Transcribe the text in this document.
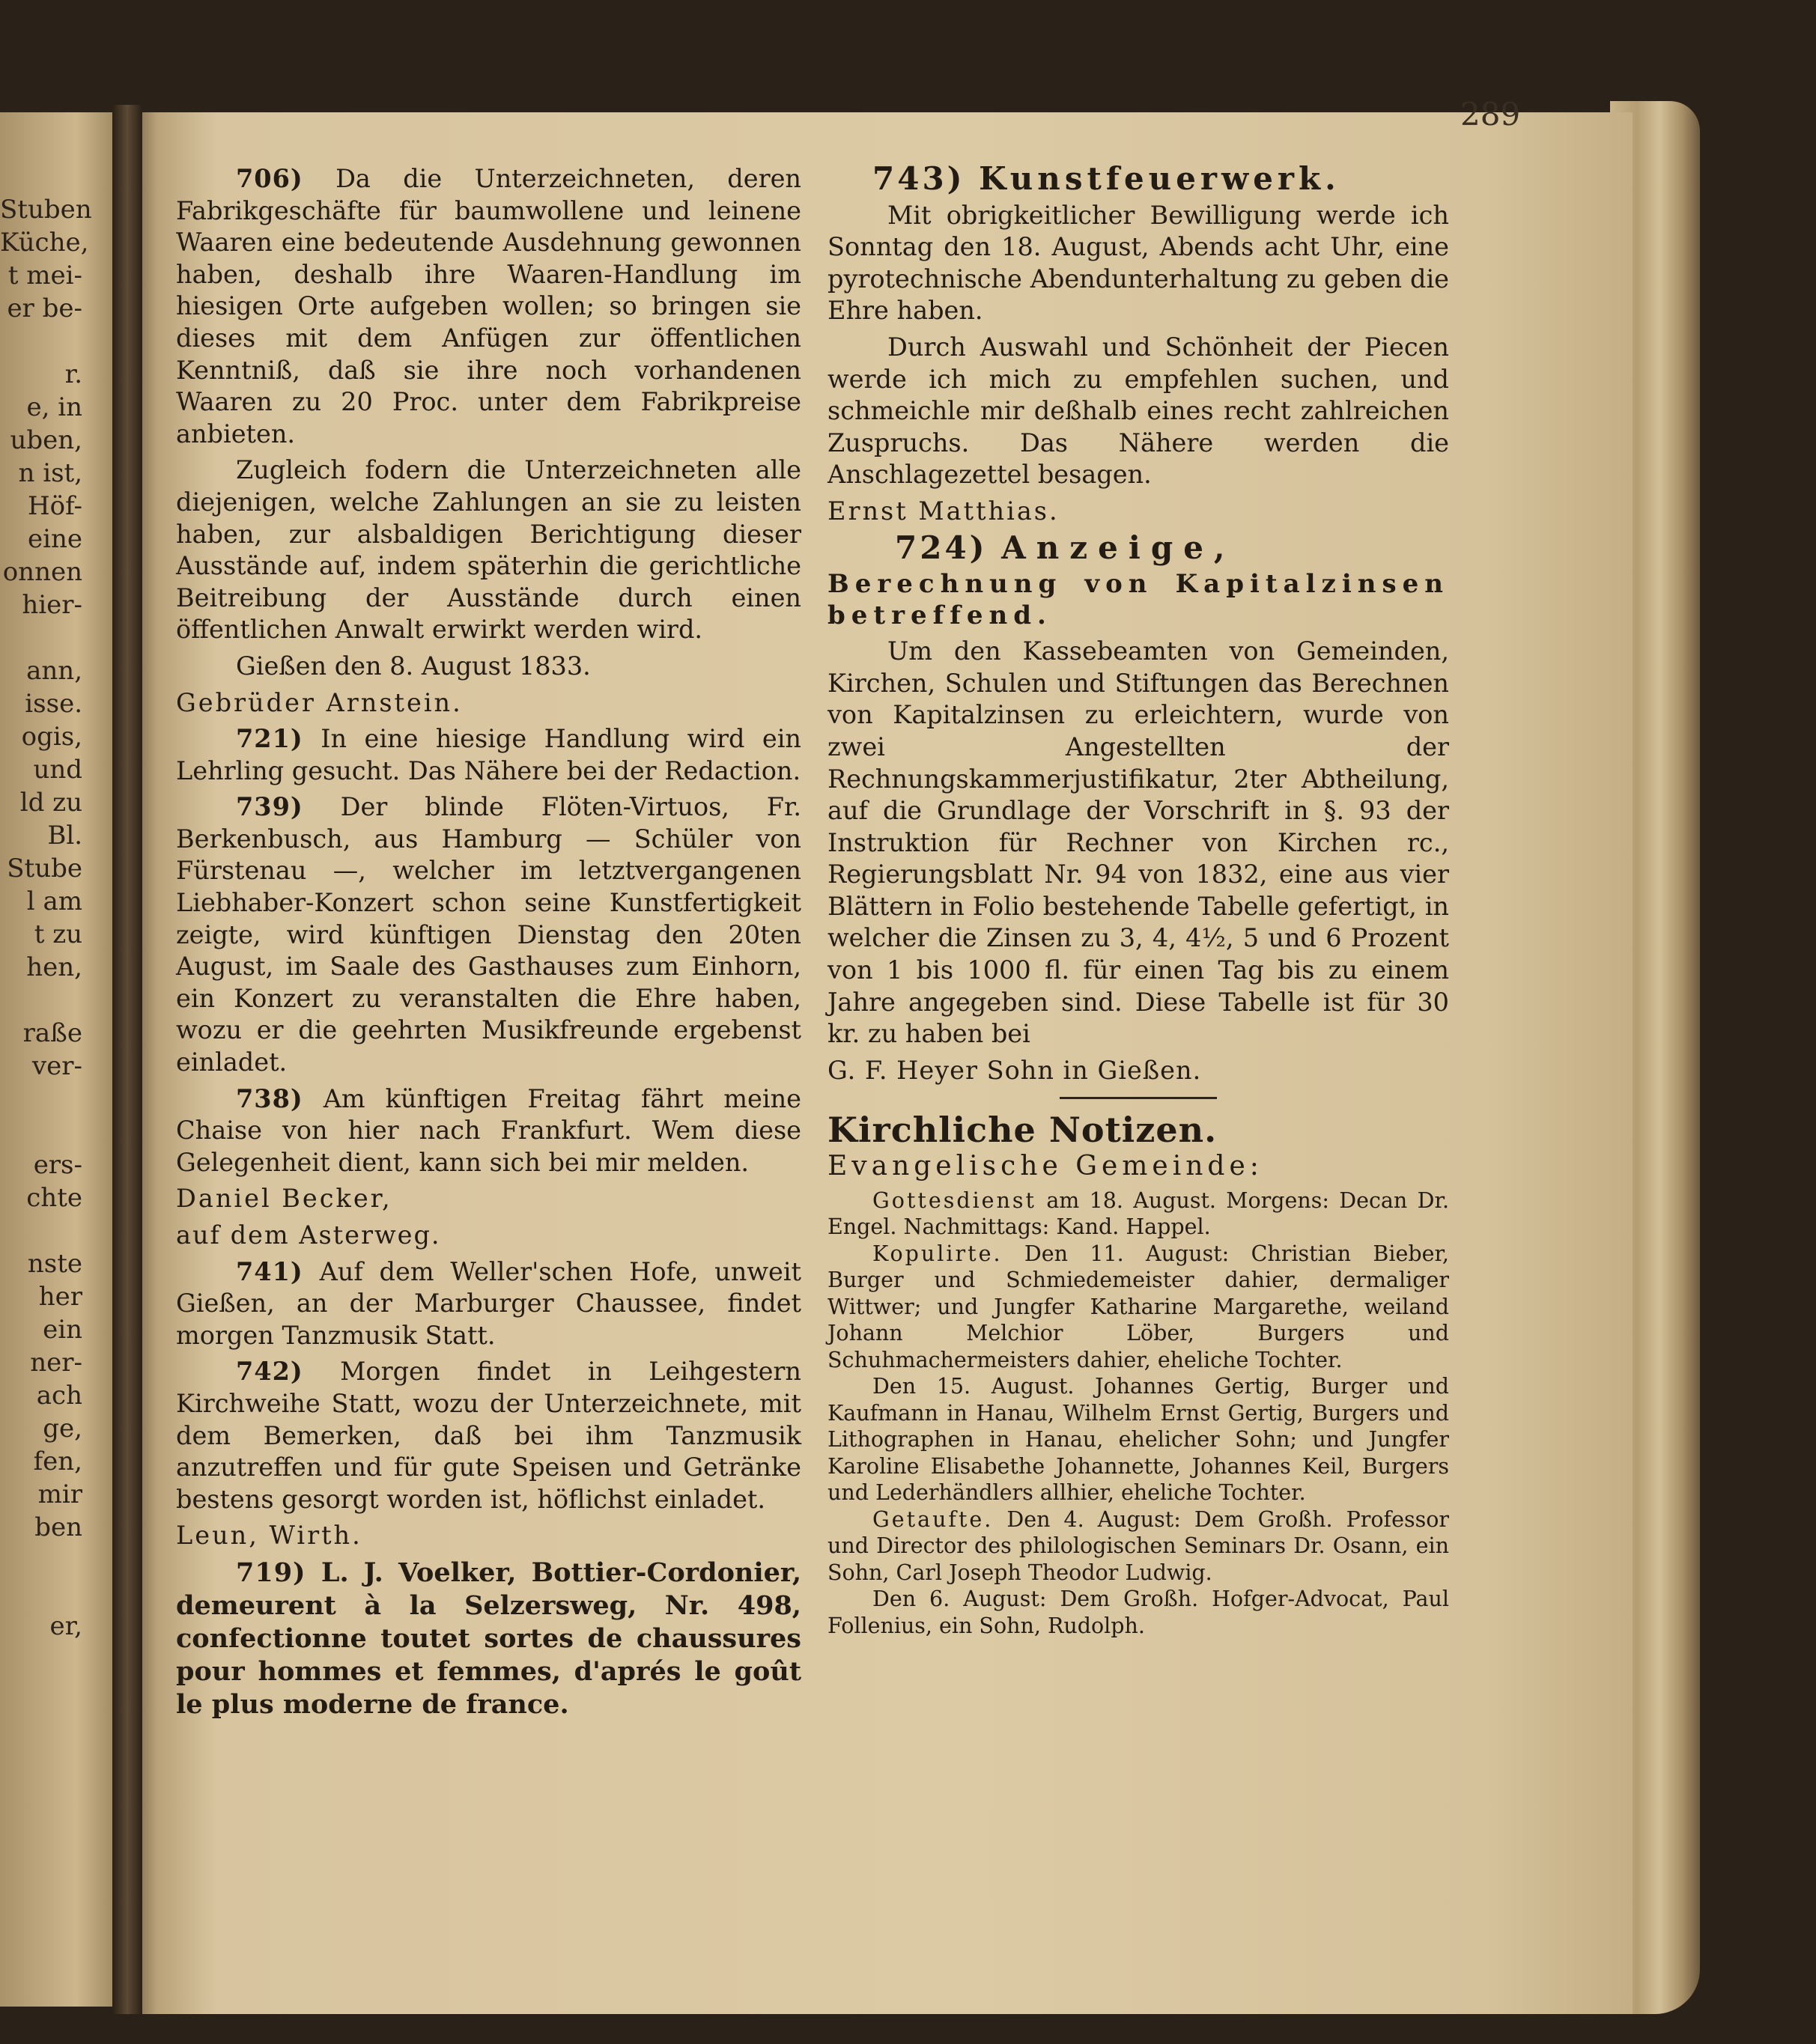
289
Stuben
Küche,
t mei-
er be-
r.
e, in
uben,
n ist,
Höf-
eine
onnen
hier-
ann,
isse.
ogis,
und
ld zu
Bl.
Stube
l am
t zu
hen,
raße
ver-
ers-
chte
nste
her
ein
ner-
ach
ge,
fen,
mir
ben
er,

706) Da die Unterzeichneten, deren Fabrikgeschäfte für baumwollene und leinene Waaren eine bedeutende Ausdehnung gewonnen haben, deshalb ihre Waaren-Handlung im hiesigen Orte aufgeben wollen; so bringen sie dieses mit dem Anfügen zur öffentlichen Kenntniß, daß sie ihre noch vorhandenen Waaren zu 20 Proc. unter dem Fabrikpreise anbieten.

Zugleich fodern die Unterzeichneten alle diejenigen, welche Zahlungen an sie zu leisten haben, zur alsbaldigen Berichtigung dieser Ausstände auf, indem späterhin die gerichtliche Beitreibung der Ausstände durch einen öffentlichen Anwalt erwirkt werden wird.

Gießen den 8. August 1833.

Gebrüder Arnstein.

721) In eine hiesige Handlung wird ein Lehrling gesucht. Das Nähere bei der Redaction.

739) Der blinde Flöten-Virtuos, Fr. Berkenbusch, aus Hamburg — Schüler von Fürstenau —, welcher im letztvergangenen Liebhaber-Konzert schon seine Kunstfertigkeit zeigte, wird künftigen Dienstag den 20ten August, im Saale des Gasthauses zum Einhorn, ein Konzert zu veranstalten die Ehre haben, wozu er die geehrten Musikfreunde ergebenst einladet.

738) Am künftigen Freitag fährt meine Chaise von hier nach Frankfurt. Wem diese Gelegenheit dient, kann sich bei mir melden.

Daniel Becker,

auf dem Asterweg.

741) Auf dem Weller'schen Hofe, unweit Gießen, an der Marburger Chaussee, findet morgen Tanzmusik Statt.

742) Morgen findet in Leihgestern Kirchweihe Statt, wozu der Unterzeichnete, mit dem Bemerken, daß bei ihm Tanzmusik anzutreffen und für gute Speisen und Getränke bestens gesorgt worden ist, höflichst einladet.

Leun, Wirth.

719) L. J. Voelker, Bottier-Cordonier, demeurent à la Selzersweg, Nr. 498, confectionne toutet sortes de chaussures pour hommes et femmes, d'aprés le goût le plus moderne de france.

743) Kunstfeuerwerk.

Mit obrigkeitlicher Bewilligung werde ich Sonntag den 18. August, Abends acht Uhr, eine pyrotechnische Abendunterhaltung zu geben die Ehre haben.

Durch Auswahl und Schönheit der Piecen werde ich mich zu empfehlen suchen, und schmeichle mir deßhalb eines recht zahlreichen Zuspruchs. Das Nähere werden die Anschlagezettel besagen.

Ernst Matthias.

724) Anzeige,

Berechnung von Kapitalzinsen betreffend.

Um den Kassebeamten von Gemeinden, Kirchen, Schulen und Stiftungen das Berechnen von Kapitalzinsen zu erleichtern, wurde von zwei Angestellten der Rechnungskammerjustifikatur, 2ter Abtheilung, auf die Grundlage der Vorschrift in §. 93 der Instruktion für Rechner von Kirchen rc., Regierungsblatt Nr. 94 von 1832, eine aus vier Blättern in Folio bestehende Tabelle gefertigt, in welcher die Zinsen zu 3, 4, 4½, 5 und 6 Prozent von 1 bis 1000 fl. für einen Tag bis zu einem Jahre angegeben sind. Diese Tabelle ist für 30 kr. zu haben bei

G. F. Heyer Sohn in Gießen.

Kirchliche Notizen.

Evangelische Gemeinde:

Gottesdienst am 18. August. Morgens: Decan Dr. Engel. Nachmittags: Kand. Happel.

Kopulirte. Den 11. August: Christian Bieber, Burger und Schmiedemeister dahier, dermaliger Wittwer; und Jungfer Katharine Margarethe, weiland Johann Melchior Löber, Burgers und Schuhmachermeisters dahier, eheliche Tochter.

Den 15. August. Johannes Gertig, Burger und Kaufmann in Hanau, Wilhelm Ernst Gertig, Burgers und Lithographen in Hanau, ehelicher Sohn; und Jungfer Karoline Elisabethe Johannette, Johannes Keil, Burgers und Lederhändlers allhier, eheliche Tochter.

Getaufte. Den 4. August: Dem Großh. Professor und Director des philologischen Seminars Dr. Osann, ein Sohn, Carl Joseph Theodor Ludwig.

Den 6. August: Dem Großh. Hofger-Advocat, Paul Follenius, ein Sohn, Rudolph.
